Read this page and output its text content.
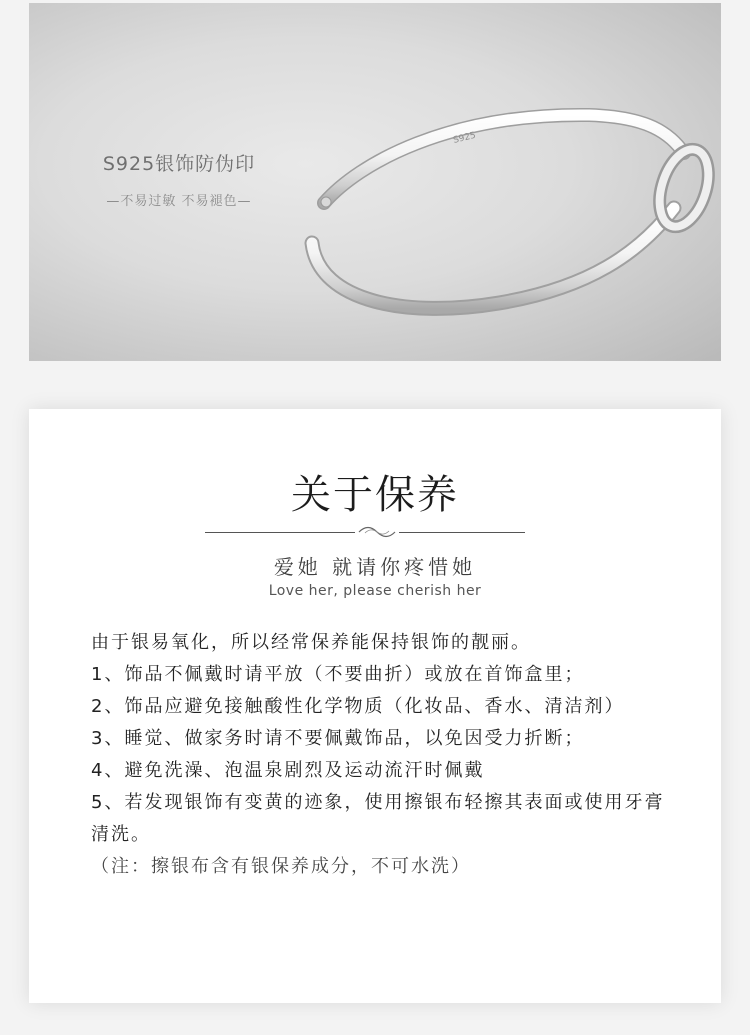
S925
S925银饰防伪印
—不易过敏 不易褪色—
关于保养
爱她 就请你疼惜她
Love her, please cherish her

由于银易氧化，所以经常保养能保持银饰的靓丽。

1、饰品不佩戴时请平放（不要曲折）或放在首饰盒里；

2、饰品应避免接触酸性化学物质（化妆品、香水、清洁剂）

3、睡觉、做家务时请不要佩戴饰品，以免因受力折断；

4、避免洗澡、泡温泉剧烈及运动流汗时佩戴

5、若发现银饰有变黄的迹象，使用擦银布轻擦其表面或使用牙膏清洗。

（注：擦银布含有银保养成分，不可水洗）
